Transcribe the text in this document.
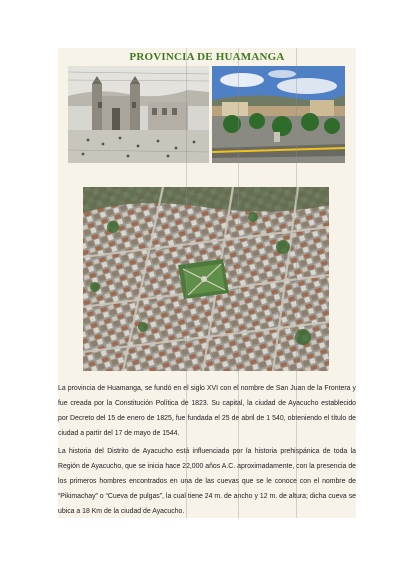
PROVINCIA DE HUAMANGA

La provincia de Huamanga, se fundó en el siglo XVI con el nombre de San Juan de la Frontera y fue creada por la Constitución Política de 1823. Su capital, la ciudad de Ayacucho establecido por Decreto del 15 de enero de 1825, fue fundada el 25 de abril de 1 540, obteniendo el título de ciudad a partir del 17 de mayo de 1544.

La historia del Distrito de Ayacucho está influenciada por la historia prehispánica de toda la Región de Ayacucho, que se inicia hace 22,000 años A.C. aproximadamente, con la presencia de los primeros hombres encontrados en una de las cuevas que se le conoce con el nombre de “Pikimachay” o “Cueva de pulgas”, la cual tiene 24 m. de ancho y 12 m. de altura; dicha cueva se ubica a 18 Km de la ciudad de Ayacucho.
